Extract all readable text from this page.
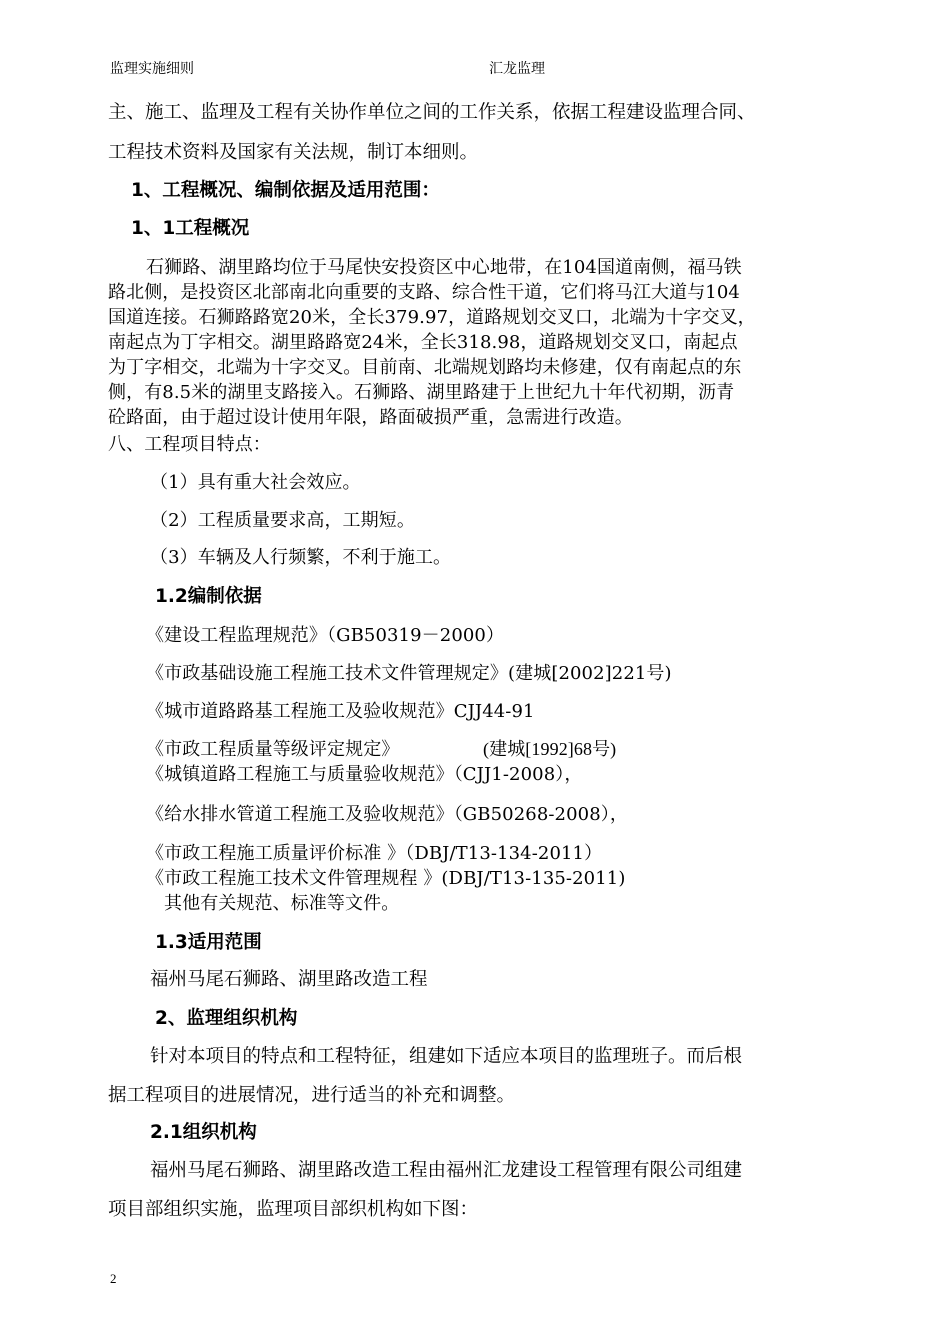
监理实施细则	汇龙监理
主、施工、监理及工程有关协作单位之间的工作关系，依据工程建设监理合同、
工程技术资料及国家有关法规，制订本细则。
1、工程概况、编制依据及适用范围：
1、1工程概况
石狮路、湖里路均位于马尾快安投资区中心地带，在104国道南侧，福马铁
路北侧，是投资区北部南北向重要的支路、综合性干道，它们将马江大道与104
国道连接。石狮路路宽20米，全长379.97，道路规划交叉口，北端为十字交叉，
南起点为丁字相交。湖里路路宽24米，全长318.98，道路规划交叉口，南起点
为丁字相交，北端为十字交叉。目前南、北端规划路均未修建，仅有南起点的东
侧，有8.5米的湖里支路接入。石狮路、湖里路建于上世纪九十年代初期，沥青
砼路面，由于超过设计使用年限，路面破损严重，急需进行改造。
八、工程项目特点：
（1）具有重大社会效应。
（2）工程质量要求高，工期短。
（3）车辆及人行频繁，不利于施工。
1.2编制依据
《建设工程监理规范》（GB50319－2000）
《市政基础设施工程施工技术文件管理规定》(建城[2002]221号)
《城市道路路基工程施工及验收规范》CJJ44-91
《市政工程质量等级评定规定》	(建城[1992]68号)
《城镇道路工程施工与质量验收规范》（CJJ1-2008），
《给水排水管道工程施工及验收规范》（GB50268-2008），
《市政工程施工质量评价标准 》（DBJ/T13-134-2011）
《市政工程施工技术文件管理规程 》(DBJ/T13-135-2011)
其他有关规范、标准等文件。
1.3适用范围
福州马尾石狮路、湖里路改造工程
2、监理组织机构
针对本项目的特点和工程特征，组建如下适应本项目的监理班子。而后根
据工程项目的进展情况，进行适当的补充和调整。
2.1组织机构
福州马尾石狮路、湖里路改造工程由福州汇龙建设工程管理有限公司组建
项目部组织实施，监理项目部织机构如下图：
2
